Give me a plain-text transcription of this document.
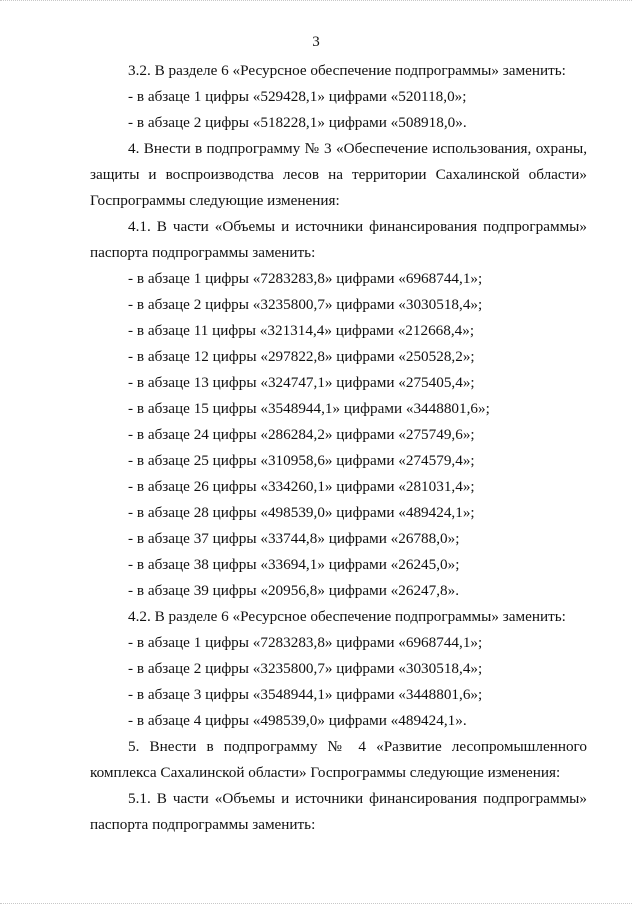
3
3.2. В разделе 6 «Ресурсное обеспечение подпрограммы» заменить:
- в абзаце 1 цифры «529428,1» цифрами «520118,0»;
- в абзаце 2 цифры «518228,1» цифрами «508918,0».
4. Внести в подпрограмму № 3 «Обеспечение использования, охраны,
защиты и воспроизводства лесов на территории Сахалинской области»
Госпрограммы следующие изменения:
4.1. В части «Объемы и источники финансирования подпрограммы»
паспорта подпрограммы заменить:
- в абзаце 1 цифры «7283283,8» цифрами «6968744,1»;
- в абзаце 2 цифры «3235800,7» цифрами «3030518,4»;
- в абзаце 11 цифры «321314,4» цифрами «212668,4»;
- в абзаце 12 цифры «297822,8» цифрами «250528,2»;
- в абзаце 13 цифры «324747,1» цифрами «275405,4»;
- в абзаце 15 цифры «3548944,1» цифрами «3448801,6»;
- в абзаце 24 цифры «286284,2» цифрами «275749,6»;
- в абзаце 25 цифры «310958,6» цифрами «274579,4»;
- в абзаце 26 цифры «334260,1» цифрами «281031,4»;
- в абзаце 28 цифры «498539,0» цифрами «489424,1»;
- в абзаце 37 цифры «33744,8» цифрами «26788,0»;
- в абзаце 38 цифры «33694,1» цифрами «26245,0»;
- в абзаце 39 цифры «20956,8» цифрами «26247,8».
4.2. В разделе 6 «Ресурсное обеспечение подпрограммы» заменить:
- в абзаце 1 цифры «7283283,8» цифрами «6968744,1»;
- в абзаце 2 цифры «3235800,7» цифрами «3030518,4»;
- в абзаце 3 цифры «3548944,1» цифрами «3448801,6»;
- в абзаце 4 цифры «498539,0» цифрами «489424,1».
5. Внести в подпрограмму № 4 «Развитие лесопромышленного
комплекса Сахалинской области» Госпрограммы следующие изменения:
5.1. В части «Объемы и источники финансирования подпрограммы»
паспорта подпрограммы заменить:
